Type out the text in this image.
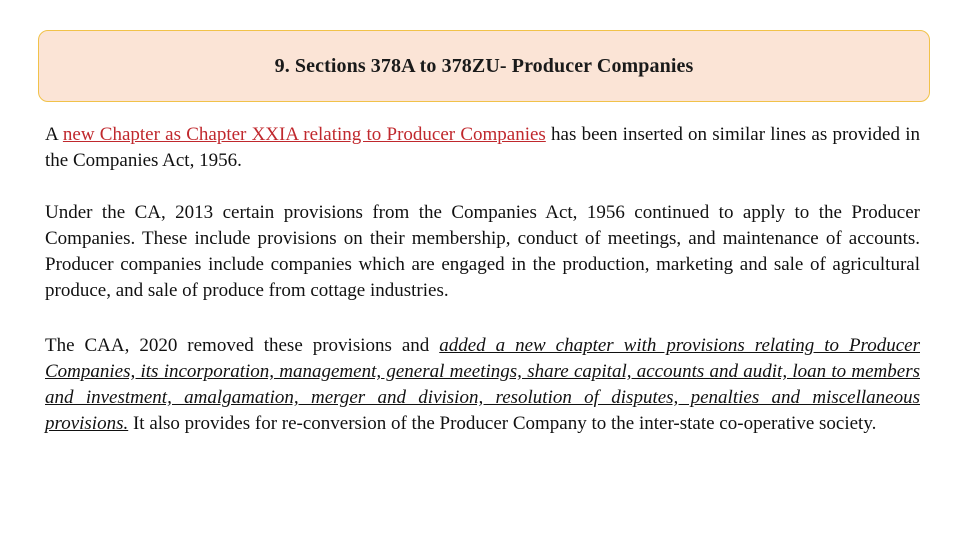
9. Sections 378A to 378ZU- Producer Companies

A new Chapter as Chapter XXIA relating to Producer Companies has been inserted on similar lines as provided in the Companies Act, 1956.

Under the CA, 2013 certain provisions from the Companies Act, 1956 continued to apply to the Producer Companies. These include provisions on their membership, conduct of meetings, and maintenance of accounts. Producer companies include companies which are engaged in the production, marketing and sale of agricultural produce, and sale of produce from cottage industries.

The CAA, 2020 removed these provisions and added a new chapter with provisions relating to Producer Companies, its incorporation, management, general meetings, share capital, accounts and audit, loan to members and investment, amalgamation, merger and division, resolution of disputes, penalties and miscellaneous provisions. It also provides for re-conversion of the Producer Company to the inter-state co-operative society.
